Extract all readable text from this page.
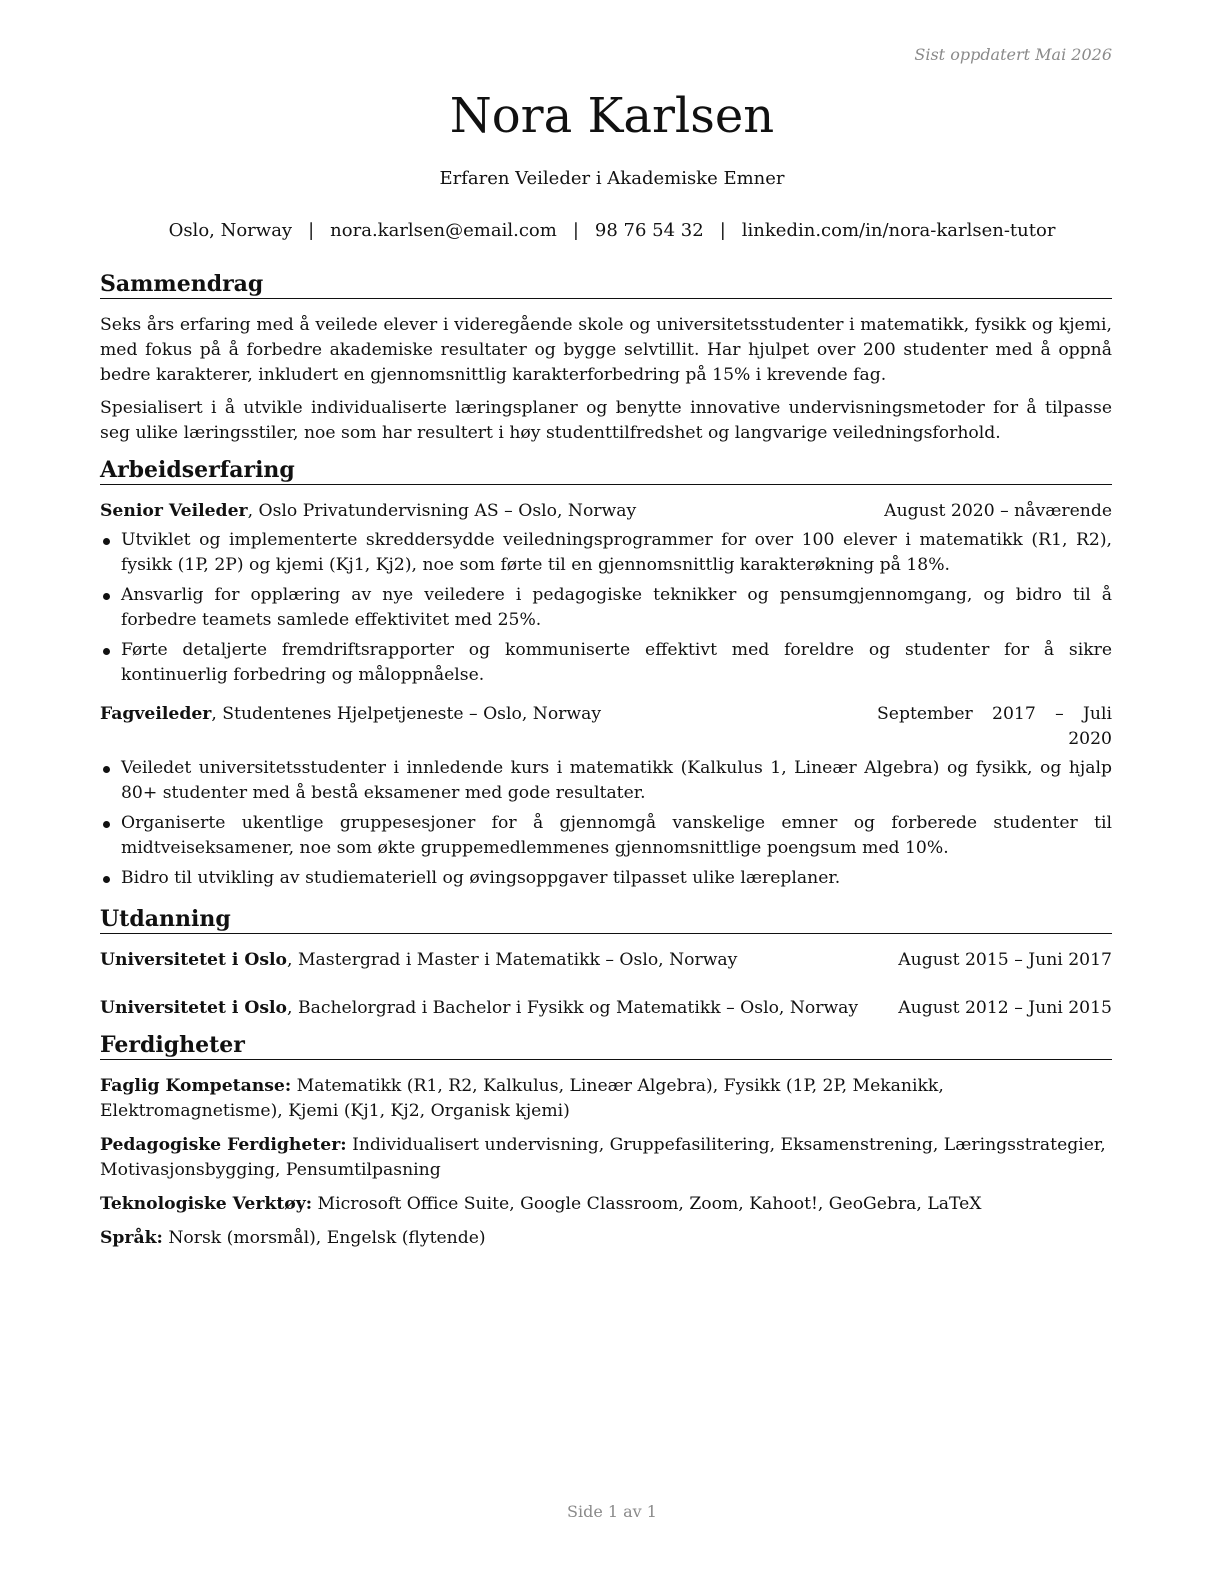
Sist oppdatert Mai 2026
Nora Karlsen
Erfaren Veileder i Akademiske Emner
Oslo, Norway | nora.karlsen@email.com | 98 76 54 32 | linkedin.com/in/nora-karlsen-tutor
Sammendrag

Seks års erfaring med å veilede elever i videregående skole og universitetsstudenter i matematikk, fysikk og kjemi, med fokus på å forbedre akademiske resultater og bygge selvtillit. Har hjulpet over 200 studenter med å oppnå bedre karakterer, inkludert en gjennomsnittlig karakterforbedring på 15% i krevende fag.

Spesialisert i å utvikle individualiserte læringsplaner og benytte innovative undervisningsmetoder for å tilpasse seg ulike læringsstiler, noe som har resultert i høy studenttilfredshet og langvarige veiledningsforhold.

Arbeidserfaring
Senior Veileder, Oslo Privatundervisning AS – Oslo, Norway	August 2020 – nåværende
Utviklet og implementerte skreddersydde veiledningsprogrammer for over 100 elever i matematikk (R1, R2), fysikk (1P, 2P) og kjemi (Kj1, Kj2), noe som førte til en gjennomsnittlig karakterøkning på 18%.
Ansvarlig for opplæring av nye veiledere i pedagogiske teknikker og pensumgjennomgang, og bidro til å forbedre teamets samlede effektivitet med 25%.
Førte detaljerte fremdriftsrapporter og kommuniserte effektivt med foreldre og studenter for å sikre kontinuerlig forbedring og måloppnåelse.
Fagveileder, Studentenes Hjelpetjeneste – Oslo, Norway	September 2017 – Juli 2020
Veiledet universitetsstudenter i innledende kurs i matematikk (Kalkulus 1, Lineær Algebra) og fysikk, og hjalp 80+ studenter med å bestå eksamener med gode resultater.
Organiserte ukentlige gruppesesjoner for å gjennomgå vanskelige emner og forberede studenter til midtveiseksamener, noe som økte gruppemedlemmenes gjennomsnittlige poengsum med 10%.
Bidro til utvikling av studiemateriell og øvingsoppgaver tilpasset ulike læreplaner.
Utdanning
Universitetet i Oslo, Mastergrad i Master i Matematikk – Oslo, Norway	August 2015 – Juni 2017
Universitetet i Oslo, Bachelorgrad i Bachelor i Fysikk og Matematikk – Oslo, Norway August 2012 – Juni 2015
Ferdigheter
Faglig Kompetanse: Matematikk (R1, R2, Kalkulus, Lineær Algebra), Fysikk (1P, 2P, Mekanikk, Elektromagnetisme), Kjemi (Kj1, Kj2, Organisk kjemi)
Pedagogiske Ferdigheter: Individualisert undervisning, Gruppefasilitering, Eksamenstrening, Læringsstrategier, Motivasjonsbygging, Pensumtilpasning
Teknologiske Verktøy: Microsoft Office Suite, Google Classroom, Zoom, Kahoot!, GeoGebra, LaTeX
Språk: Norsk (morsmål), Engelsk (flytende)
Side 1 av 1
